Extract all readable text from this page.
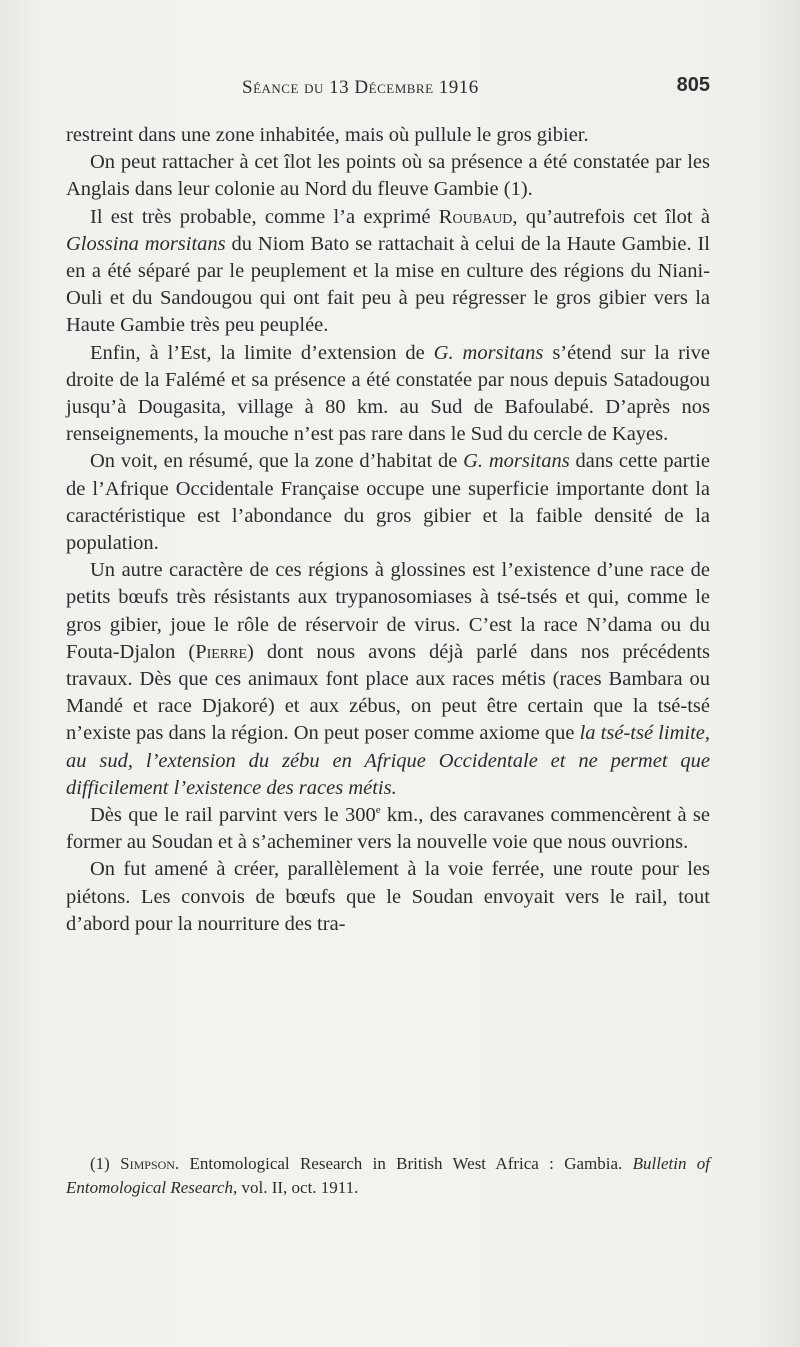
Séance du 13 Décembre 1916	805

restreint dans une zone inhabitée, mais où pullule le gros gibier.

On peut rattacher à cet îlot les points où sa présence a été constatée par les Anglais dans leur colonie au Nord du fleuve Gambie (1).

Il est très probable, comme l’a exprimé Roubaud, qu’autrefois cet îlot à Glossina morsitans du Niom Bato se rattachait à celui de la Haute Gambie. Il en a été séparé par le peuplement et la mise en culture des régions du Niani-Ouli et du Sandougou qui ont fait peu à peu régresser le gros gibier vers la Haute Gambie très peu peuplée.

Enfin, à l’Est, la limite d’extension de G. morsitans s’étend sur la rive droite de la Falémé et sa présence a été constatée par nous depuis Satadougou jusqu’à Dougasita, village à 80 km. au Sud de Bafoulabé. D’après nos renseignements, la mouche n’est pas rare dans le Sud du cercle de Kayes.

On voit, en résumé, que la zone d’habitat de G. morsitans dans cette partie de l’Afrique Occidentale Française occupe une superficie importante dont la caractéristique est l’abondance du gros gibier et la faible densité de la population.

Un autre caractère de ces régions à glossines est l’existence d’une race de petits bœufs très résistants aux trypanosomiases à tsé-tsés et qui, comme le gros gibier, joue le rôle de réservoir de virus. C’est la race N’dama ou du Fouta-Djalon (Pierre) dont nous avons déjà parlé dans nos précédents travaux. Dès que ces animaux font place aux races métis (races Bambara ou Mandé et race Djakoré) et aux zébus, on peut être certain que la tsé-tsé n’existe pas dans la région. On peut poser comme axiome que la tsé-tsé limite, au sud, l’extension du zébu en Afrique Occidentale et ne permet que difficilement l’existence des races métis.

Dès que le rail parvint vers le 300e km., des caravanes commencèrent à se former au Soudan et à s’acheminer vers la nouvelle voie que nous ouvrions.

On fut amené à créer, parallèlement à la voie ferrée, une route pour les piétons. Les convois de bœufs que le Soudan envoyait vers le rail, tout d’abord pour la nourriture des tra-

(1) Simpson. Entomological Research in British West Africa : Gambia. Bulletin of Entomological Research, vol. II, oct. 1911.
